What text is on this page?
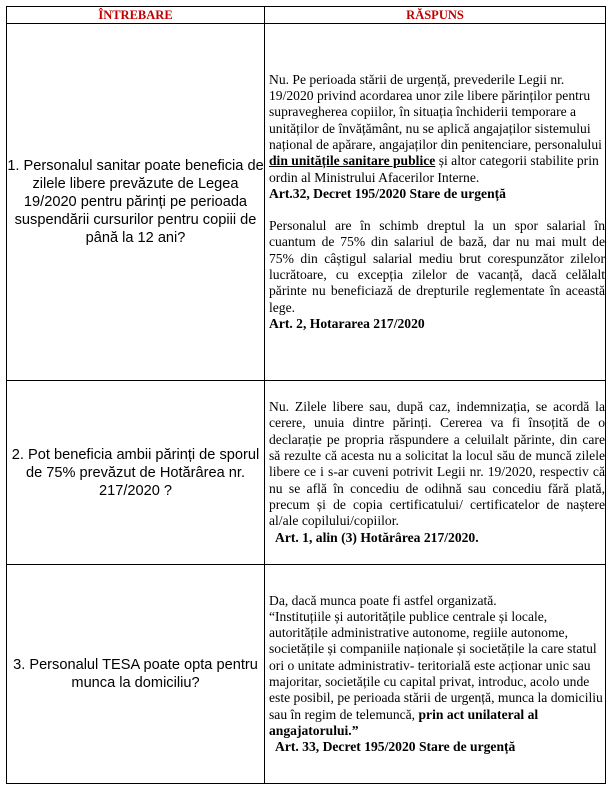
ÎNTREBARE	RĂSPUNS
1. Personalul sanitar poate beneficia de zilele libere prevăzute de Legea 19/2020 pentru părinți pe perioada suspendării cursurilor pentru copiii de până la 12 ani?	Nu. Pe perioada stării de urgență, prevederile Legii nr. 19/2020 privind acordarea unor zile libere părinților pentru supravegherea copiilor, în situația închiderii temporare a unităților de învățământ, nu se aplică angajaților sistemului național de apărare, angajaților din penitenciare, personalului din unitățile sanitare publice și altor categorii stabilite prin ordin al Ministrului Afacerilor Interne.

Art.32, Decret 195/2020 Stare de urgență

Personalul are în schimb dreptul la un spor salarial în cuantum de 75% din salariul de bază, dar nu mai mult de 75% din câștigul salarial mediu brut corespunzător zilelor lucrătoare, cu excepția zilelor de vacanță, dacă celălalt părinte nu beneficiază de drepturile reglementate în această lege.

Art. 2, Hotararea 217/2020

2. Pot beneficia ambii părinți de sporul de 75% prevăzut de Hotărârea nr. 217/2020 ?	Nu. Zilele libere sau, după caz, indemnizația, se acordă la cerere, unuia dintre părinți. Cererea va fi însoțită de o declarație pe propria răspundere a celuilalt părinte, din care să rezulte că acesta nu a solicitat la locul său de muncă zilele libere ce i s-ar cuveni potrivit Legii nr. 19/2020, respectiv că nu se află în concediu de odihnă sau concediu fără plată, precum și de copia certificatului/ certificatelor de naștere al/ale copilului/copiilor.

Art. 1, alin (3) Hotărârea 217/2020.

3. Personalul TESA poate opta pentru munca la domiciliu?	Da, dacă munca poate fi astfel organizată.

“Instituțiile și autoritățile publice centrale și locale, autoritățile administrative autonome, regiile autonome, societățile și companiile naționale și societățile la care statul ori o unitate administrativ- teritorială este acționar unic sau majoritar, societățile cu capital privat, introduc, acolo unde este posibil, pe perioada stării de urgență, munca la domiciliu sau în regim de telemuncă, prin act unilateral al angajatorului.”

Art. 33, Decret 195/2020 Stare de urgență
